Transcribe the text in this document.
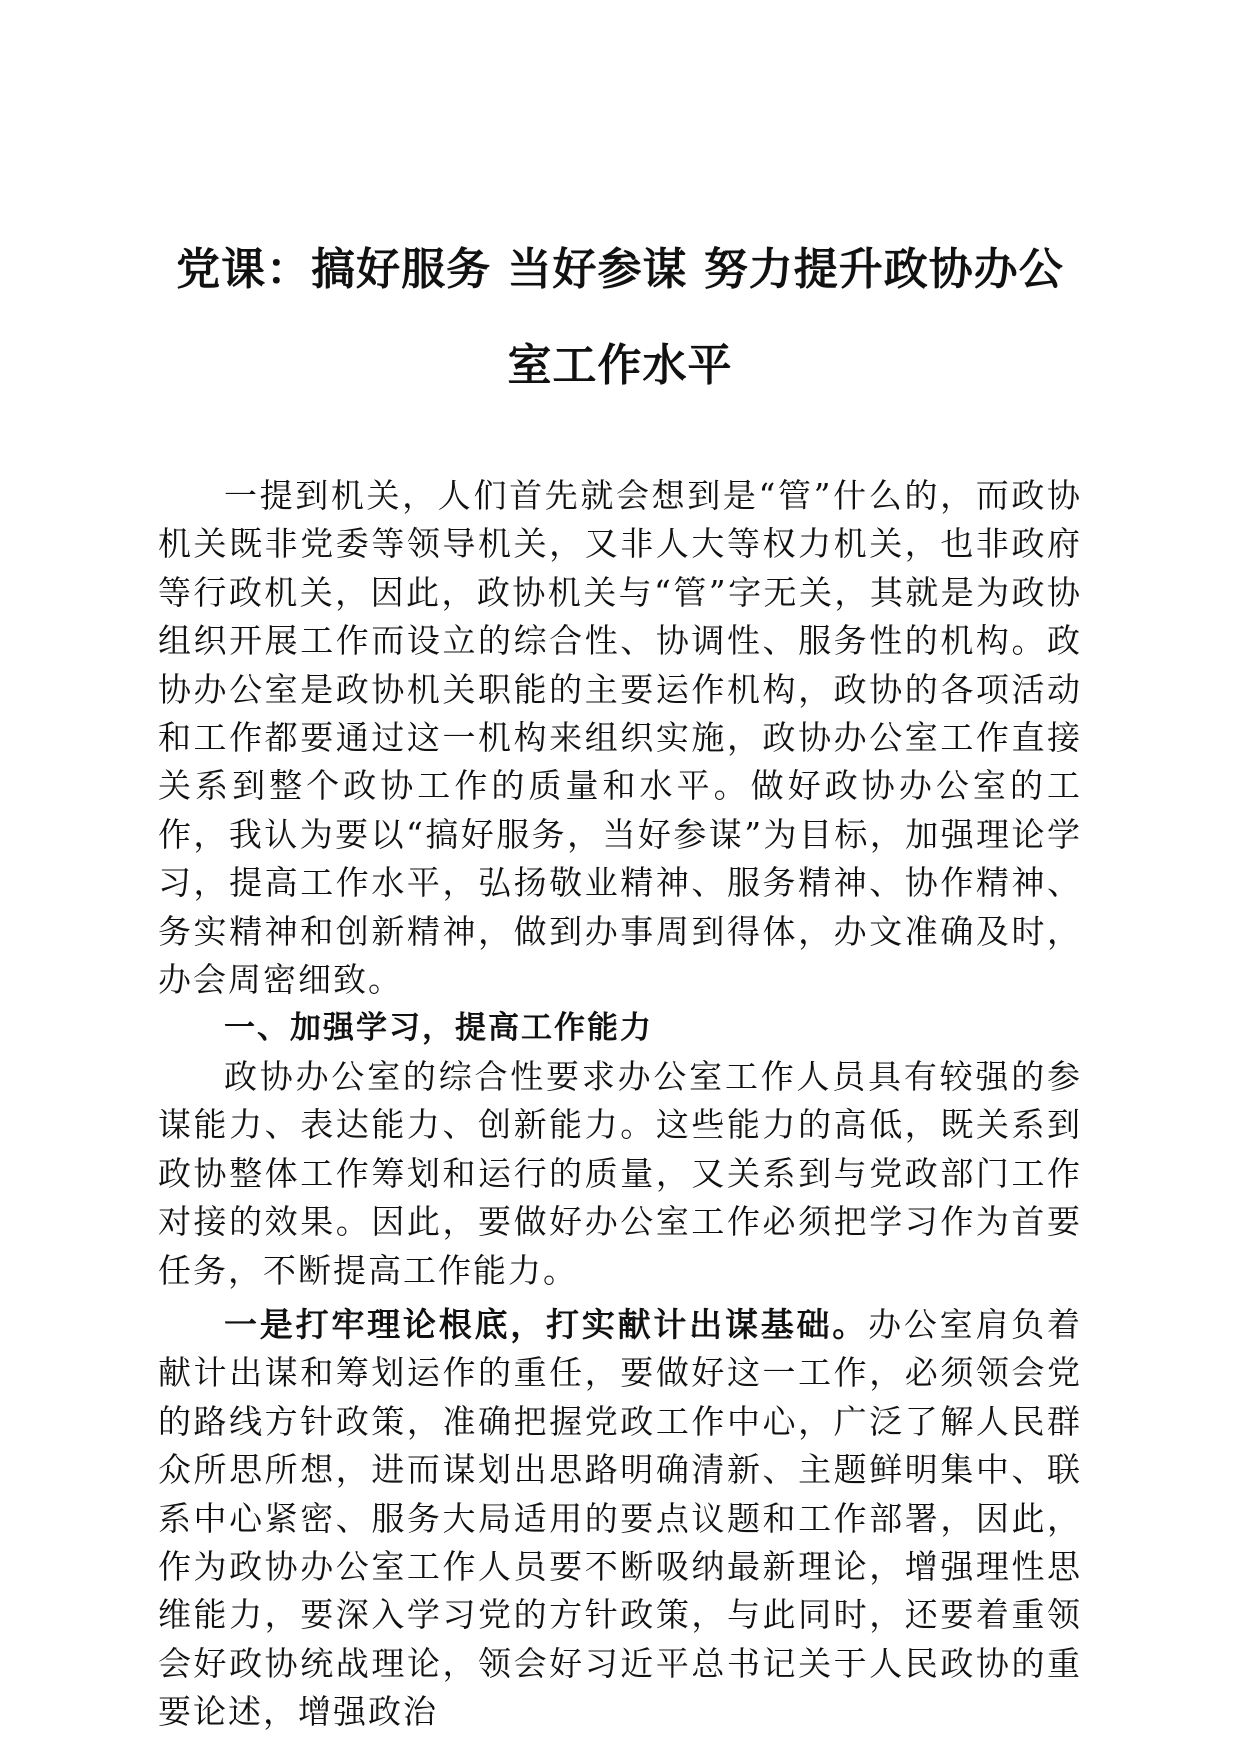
党课：搞好服务 当好参谋 努力提升政协办公
室工作水平

一提到机关，人们首先就会想到是“管”什么的，而政协机关既非党委等领导机关，又非人大等权力机关，也非政府等行政机关，因此，政协机关与“管”字无关，其就是为政协组织开展工作而设立的综合性、协调性、服务性的机构。政协办公室是政协机关职能的主要运作机构，政协的各项活动和工作都要通过这一机构来组织实施，政协办公室工作直接关系到整个政协工作的质量和水平。做好政协办公室的工作，我认为要以“搞好服务，当好参谋”为目标，加强理论学习，提高工作水平，弘扬敬业精神、服务精神、协作精神、务实精神和创新精神，做到办事周到得体，办文准确及时，办会周密细致。

一、加强学习，提高工作能力

政协办公室的综合性要求办公室工作人员具有较强的参谋能力、表达能力、创新能力。这些能力的高低，既关系到政协整体工作筹划和运行的质量，又关系到与党政部门工作对接的效果。因此，要做好办公室工作必须把学习作为首要任务，不断提高工作能力。

一是打牢理论根底，打实献计出谋基础。办公室肩负着献计出谋和筹划运作的重任，要做好这一工作，必须领会党的路线方针政策，准确把握党政工作中心，广泛了解人民群众所思所想，进而谋划出思路明确清新、主题鲜明集中、联系中心紧密、服务大局适用的要点议题和工作部署，因此，作为政协办公室工作人员要不断吸纳最新理论，增强理性思维能力，要深入学习党的方针政策，与此同时，还要着重领会好政协统战理论，领会好习近平总书记关于人民政协的重要论述，增强政治
